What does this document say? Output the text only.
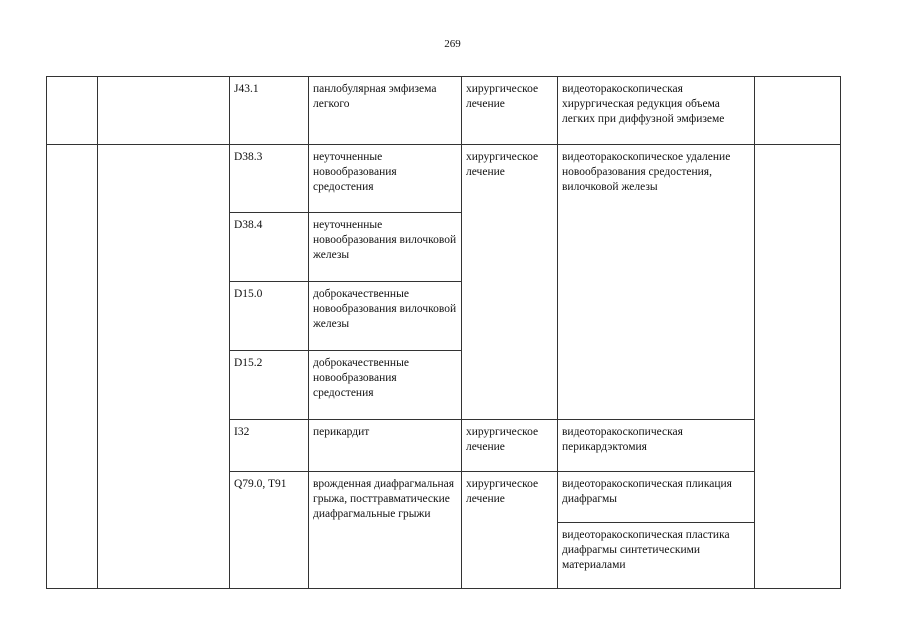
269
		J43.1	панлобулярная эмфизема легкого	хирургическое лечение	видеоторакоскопическая хирургическая редукция объема легких при диффузной эмфиземе	
		D38.3	неуточненные новообразования средостения	хирургическое лечение	видеоторакоскопическое удаление новообразования средостения, вилочковой железы	
		D38.4	неуточненные новообразования вилочковой железы			
		D15.0	доброкачественные новообразования вилочковой железы			
		D15.2	доброкачественные новообразования средостения			
		I32	перикардит	хирургическое лечение	видеоторакоскопическая перикардэктомия	
		Q79.0, T91	врожденная диафрагмальная грыжа, посттравматические диафрагмальные грыжи	хирургическое лечение	видеоторакоскопическая пликация диафрагмы	
					видеоторакоскопическая пластика диафрагмы синтетическими материалами	
